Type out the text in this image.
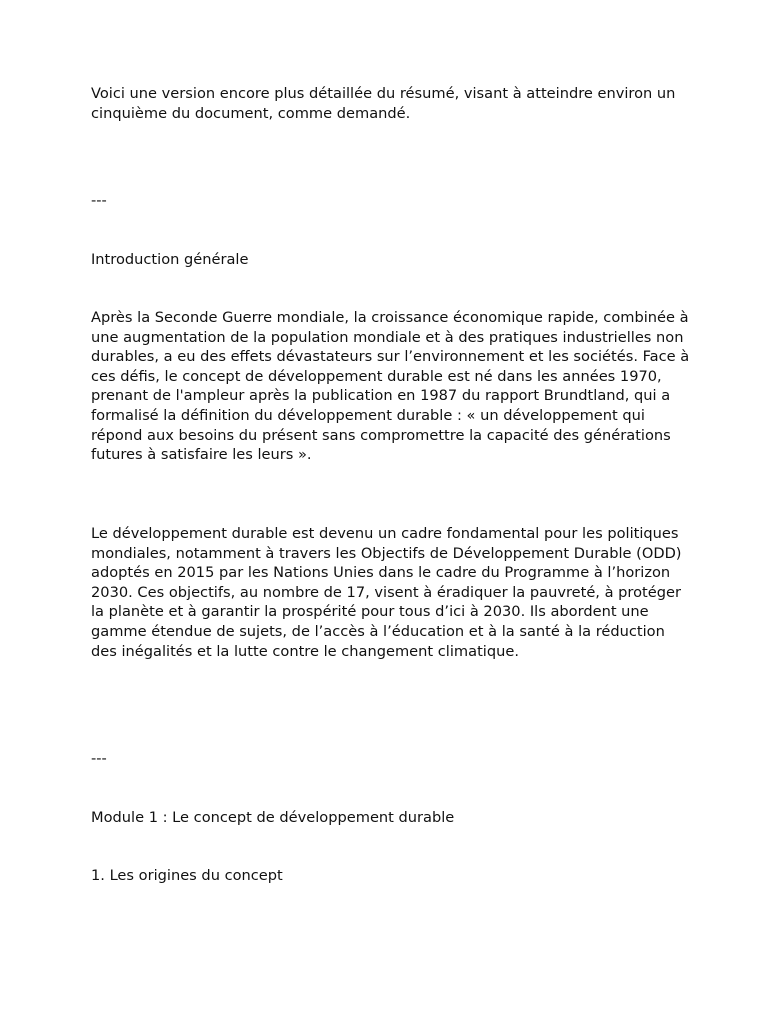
Voici une version encore plus détaillée du résumé, visant à atteindre environ un cinquième du document, comme demandé.

---

Introduction générale

Après la Seconde Guerre mondiale, la croissance économique rapide, combinée à une augmentation de la population mondiale et à des pratiques industrielles non durables, a eu des effets dévastateurs sur l’environnement et les sociétés. Face à ces défis, le concept de développement durable est né dans les années 1970, prenant de l'ampleur après la publication en 1987 du rapport Brundtland, qui a formalisé la définition du développement durable : « un développement qui répond aux besoins du présent sans compromettre la capacité des générations futures à satisfaire les leurs ».

Le développement durable est devenu un cadre fondamental pour les politiques mondiales, notamment à travers les Objectifs de Développement Durable (ODD) adoptés en 2015 par les Nations Unies dans le cadre du Programme à l’horizon 2030. Ces objectifs, au nombre de 17, visent à éradiquer la pauvreté, à protéger la planète et à garantir la prospérité pour tous d’ici à 2030. Ils abordent une gamme étendue de sujets, de l’accès à l’éducation et à la santé à la réduction des inégalités et la lutte contre le changement climatique.

---

Module 1 : Le concept de développement durable

1. Les origines du concept
